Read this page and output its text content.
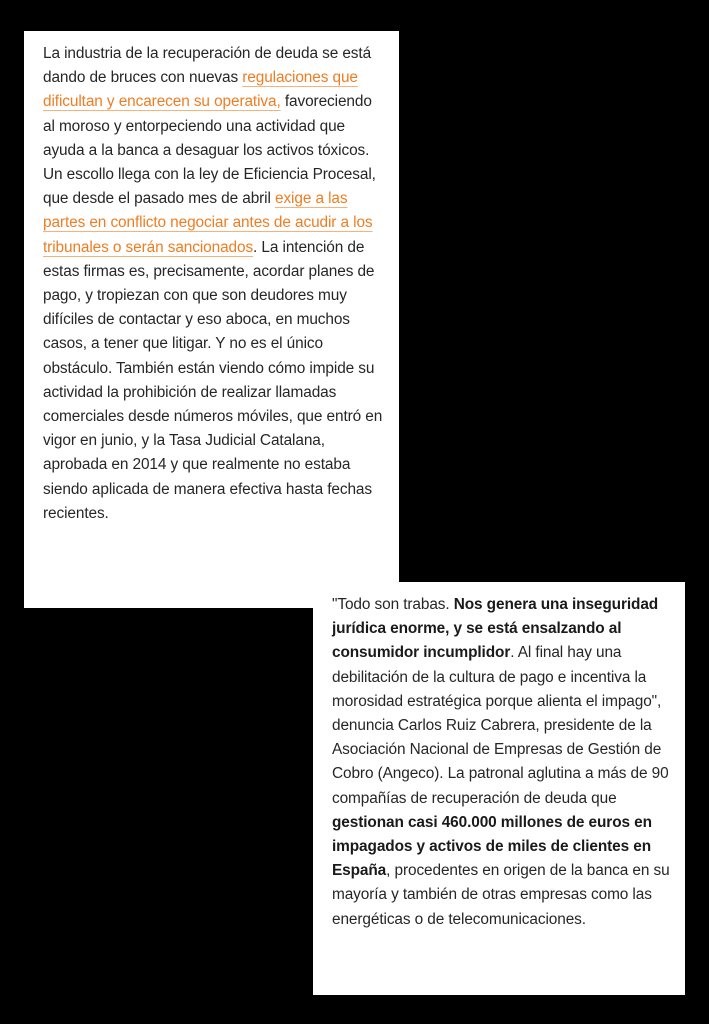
La industria de la recuperación de deuda se está dando de bruces con nuevas regulaciones que dificultan y encarecen su operativa, favoreciendo al moroso y entorpeciendo una actividad que ayuda a la banca a desaguar los activos tóxicos. Un escollo llega con la ley de Eficiencia Procesal, que desde el pasado mes de abril exige a las partes en conflicto negociar antes de acudir a los tribunales o serán sancionados. La intención de estas firmas es, precisamente, acordar planes de pago, y tropiezan con que son deudores muy difíciles de contactar y eso aboca, en muchos casos, a tener que litigar. Y no es el único obstáculo. También están viendo cómo impide su actividad la prohibición de realizar llamadas comerciales desde números móviles, que entró en vigor en junio, y la Tasa Judicial Catalana, aprobada en 2014 y que realmente no estaba siendo aplicada de manera efectiva hasta fechas recientes.

"Todo son trabas. Nos genera una inseguridad jurídica enorme, y se está ensalzando al consumidor incumplidor. Al final hay una debilitación de la cultura de pago e incentiva la morosidad estratégica porque alienta el impago", denuncia Carlos Ruiz Cabrera, presidente de la Asociación Nacional de Empresas de Gestión de Cobro (Angeco). La patronal aglutina a más de 90 compañías de recuperación de deuda que gestionan casi 460.000 millones de euros en impagados y activos de miles de clientes en España, procedentes en origen de la banca en su mayoría y también de otras empresas como las energéticas o de telecomunicaciones.
